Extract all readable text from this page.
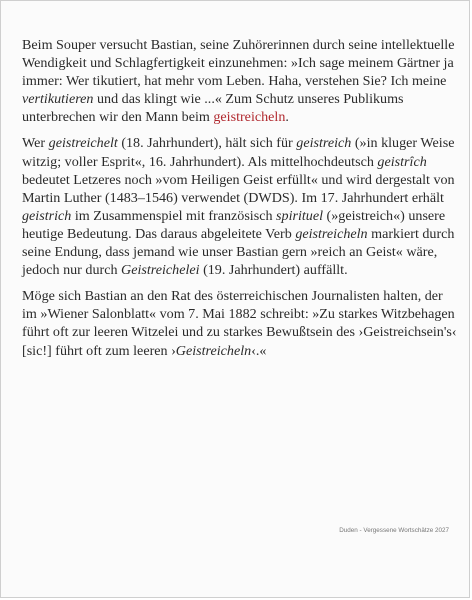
Beim Souper versucht Bastian, seine Zuhörerinnen durch seine intellektuelle Wendigkeit und Schlagfertigkeit einzunehmen: »Ich sage meinem Gärtner ja immer: Wer tikutiert, hat mehr vom Leben. Haha, verstehen Sie? Ich meine vertikutieren und das klingt wie ...« Zum Schutz unseres Publikums unterbrechen wir den Mann beim geistreicheln.

Wer geistreichelt (18. Jahrhundert), hält sich für geistreich (»in kluger Weise witzig; voller Esprit«, 16. Jahrhundert). Als mittelhochdeutsch geistrîch bedeutet Letzeres noch »vom Heiligen Geist erfüllt« und wird dergestalt von Martin Luther (1483–1546) verwendet (DWDS). Im 17. Jahrhundert erhält geistrich im Zusammenspiel mit französisch spirituel (»geistreich«) unsere heutige Bedeutung. Das daraus abgeleitete Verb geistreicheln markiert durch seine Endung, dass jemand wie unser Bastian gern »reich an Geist« wäre, jedoch nur durch Geistreichelei (19. Jahrhundert) auffällt.

Möge sich Bastian an den Rat des österreichischen Journalisten halten, der im »Wiener Salonblatt« vom 7. Mai 1882 schreibt: »Zu starkes Witzbehagen führt oft zur leeren Witzelei und zu starkes Bewußtsein des ›Geistreichsein's‹ [sic!] führt oft zum leeren ›Geistreicheln‹.«

Duden - Vergessene Wortschätze 2027
